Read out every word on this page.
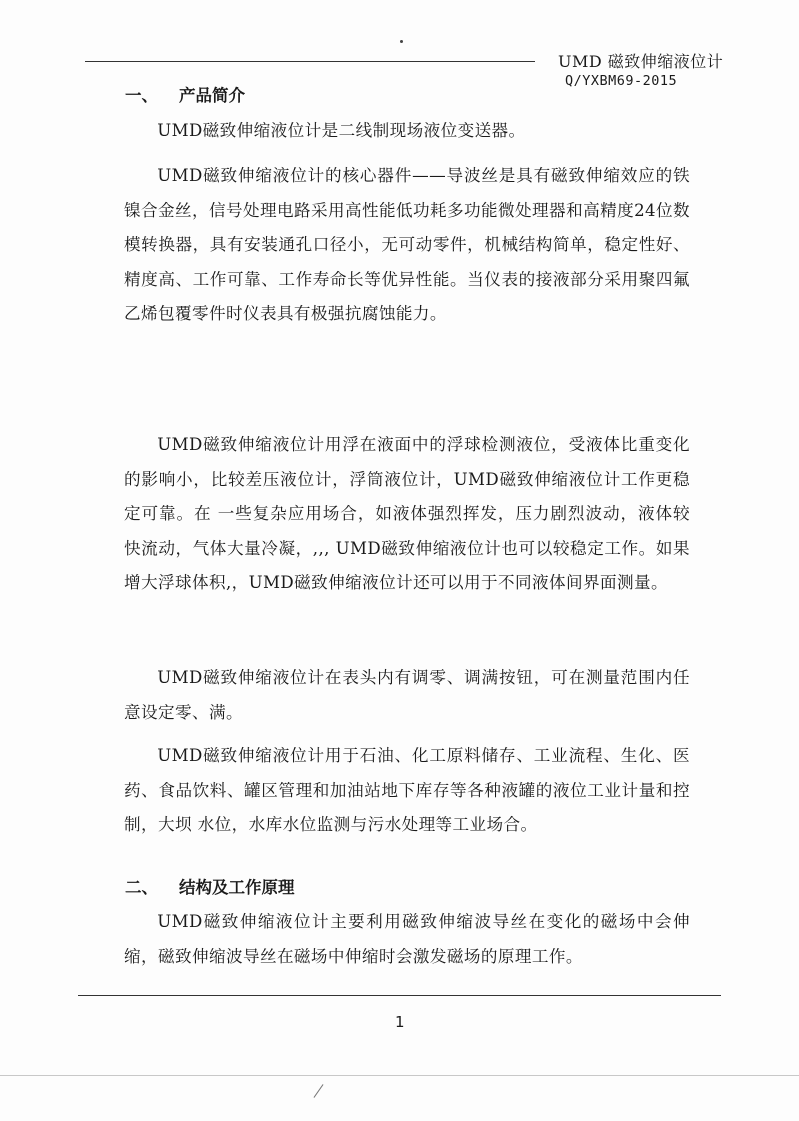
UMD 磁致伸缩液位计
Q/YXBM69-2015
一、 产品简介

UMD磁致伸缩液位计是二线制现场液位变送器。

UMD磁致伸缩液位计的核心器件——导波丝是具有磁致伸缩效应的铁镍合金丝，信号处理电路采用高性能低功耗多功能微处理器和高精度24位数模转换器，具有安装通孔口径小，无可动零件，机械结构简单，稳定性好、精度高、工作可靠、工作寿命长等优异性能。当仪表的接液部分采用聚四氟乙烯包覆零件时仪表具有极强抗腐蚀能力。

UMD磁致伸缩液位计用浮在液面中的浮球检测液位，受液体比重变化的影响小，比较差压液位计，浮筒液位计，UMD磁致伸缩液位计工作更稳定可靠。在 一些复杂应用场合，如液体强烈挥发，压力剧烈波动，液体较快流动，气体大量冷凝，,,, UMD磁致伸缩液位计也可以较稳定工作。如果增大浮球体积,，UMD磁致伸缩液位计还可以用于不同液体间界面测量。

UMD磁致伸缩液位计在表头内有调零、调满按钮，可在测量范围内任意设定零、满。

UMD磁致伸缩液位计用于石油、化工原料储存、工业流程、生化、医药、食品饮料、罐区管理和加油站地下库存等各种液罐的液位工业计量和控制，大坝 水位，水库水位监测与污水处理等工业场合。

二、 结构及工作原理

UMD磁致伸缩液位计主要利用磁致伸缩波导丝在变化的磁场中会伸缩，磁致伸缩波导丝在磁场中伸缩时会激发磁场的原理工作。

1
